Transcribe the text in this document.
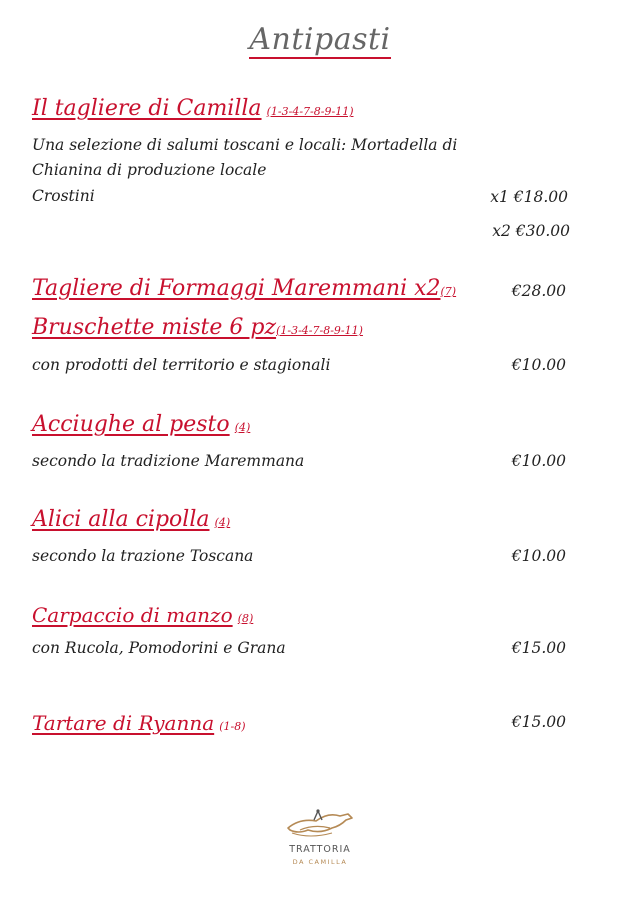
Antipasti
Il tagliere di Camilla (1-3-4-7-8-9-11)
Una selezione di salumi toscani e locali: Mortadella di
Chianina di produzione locale
Crostini	x1 €18.00
x2 €30.00
Tagliere di Formaggi Maremmani x2(7)	€28.00
Bruschette miste 6 pz(1-3-4-7-8-9-11)
con prodotti del territorio e stagionali	€10.00
Acciughe al pesto (4)
secondo la tradizione Maremmana	€10.00
Alici alla cipolla (4)
secondo la trazione Toscana	€10.00
Carpaccio di manzo (8)
con Rucola, Pomodorini e Grana	€15.00
Tartare di Ryanna (1-8)	€15.00
TRATTORIA
DA CAMILLA
